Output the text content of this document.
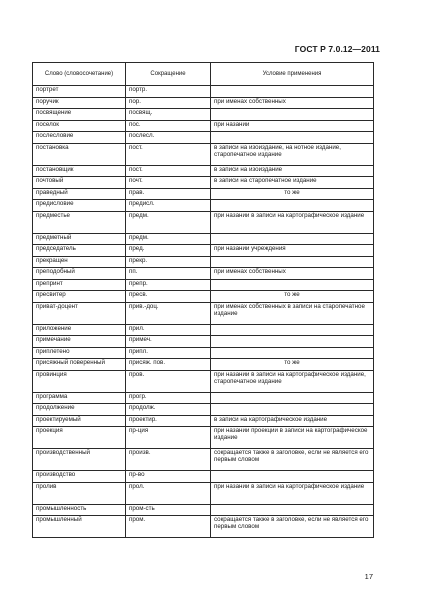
ГОСТ Р 7.0.12—2011
Слово (словосочетание)	Сокращение	Условие применения
портрет	портр.	
поручик	пор.	при именах собственных
посвящение	посвящ.	
поселок	пос.	при назании
послесловие	послесл.	
постановка	пост.	в записи на изоиздание, на нотное издание, старопечатное издание
постановщик	пост.	в записи на изоиздание
почтовый	почт.	в записи на старопечатное издание
праведный	прав.	то же
предисловие	предисл.	
предместье	предм.	при назании в записи на картографическое издание
предметный	предм.	
председатель	пред.	при назании учреждения
прекращен	прекр.	
преподобный	пп.	при именах собственных
препринт	препр.	
пресвитер	пресв.	то же
приват-доцент	прив.-доц.	при именах собственных в записи на старопечатное издание
приложение	прил.	
примечание	примеч.	
приплетено	припл.	
присяжный поверенный	присяж. пов.	то же
провинция	пров.	при назании в записи на картографическое издание, старопечатное издание
программа	прогр.	
продолжение	продолж.	
проектируемый	проектир.	в записи на картографическое издание
проекция	пр-ция	при назании проекции в записи на картографическое издание
производственный	произв.	сокращается также в заголовке, если не является его первым словом
производство	пр-во	
пролив	прол.	при назании в записи на картографическое издание
промышленность	пром-сть	
промышленный	пром.	сокращается также в заголовке, если не является его первым словом
17
